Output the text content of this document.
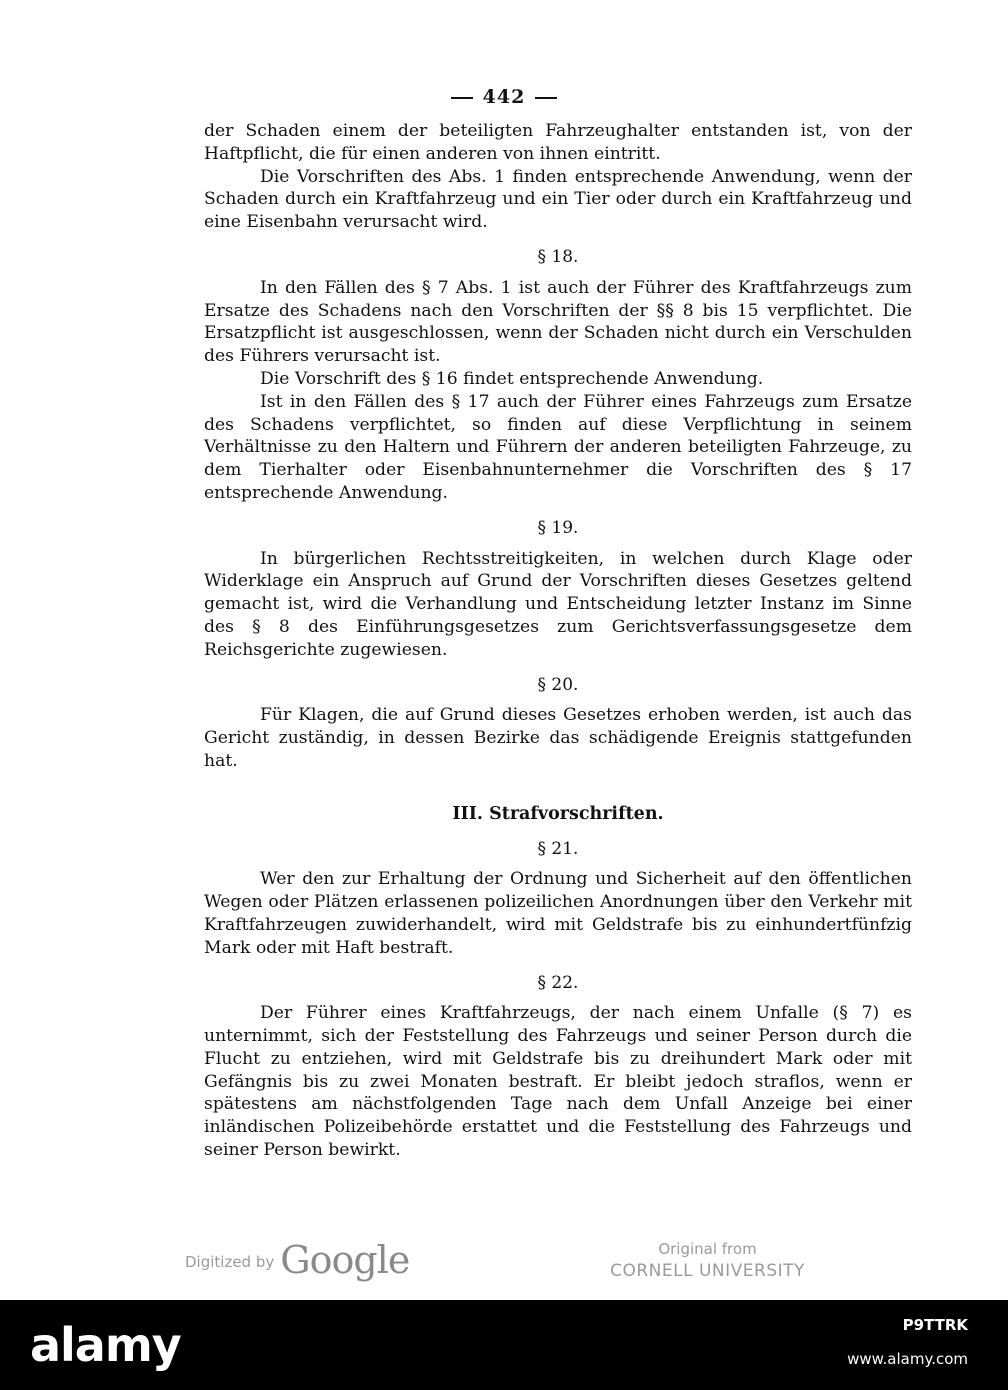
442

der Schaden einem der beteiligten Fahrzeughalter entstanden ist, von der Haftpflicht, die für einen anderen von ihnen eintritt.

Die Vorschriften des Abs. 1 finden entsprechende Anwendung, wenn der Schaden durch ein Kraftfahrzeug und ein Tier oder durch ein Kraftfahrzeug und eine Eisenbahn verursacht wird.

§ 18.

In den Fällen des § 7 Abs. 1 ist auch der Führer des Kraftfahrzeugs zum Ersatze des Schadens nach den Vorschriften der §§ 8 bis 15 verpflichtet. Die Ersatzpflicht ist ausgeschlossen, wenn der Schaden nicht durch ein Verschulden des Führers verursacht ist.

Die Vorschrift des § 16 findet entsprechende Anwendung.

Ist in den Fällen des § 17 auch der Führer eines Fahrzeugs zum Ersatze des Schadens verpflichtet, so finden auf diese Verpflichtung in seinem Verhältnisse zu den Haltern und Führern der anderen beteiligten Fahrzeuge, zu dem Tierhalter oder Eisenbahnunternehmer die Vorschriften des § 17 entsprechende Anwendung.

§ 19.

In bürgerlichen Rechtsstreitigkeiten, in welchen durch Klage oder Widerklage ein Anspruch auf Grund der Vorschriften dieses Gesetzes geltend gemacht ist, wird die Verhandlung und Entscheidung letzter Instanz im Sinne des § 8 des Einführungsgesetzes zum Gerichtsverfassungsgesetze dem Reichsgerichte zugewiesen.

§ 20.

Für Klagen, die auf Grund dieses Gesetzes erhoben werden, ist auch das Gericht zuständig, in dessen Bezirke das schädigende Ereignis stattgefunden hat.

III. Strafvorschriften.
§ 21.

Wer den zur Erhaltung der Ordnung und Sicherheit auf den öffentlichen Wegen oder Plätzen erlassenen polizeilichen Anordnungen über den Verkehr mit Kraftfahrzeugen zuwiderhandelt, wird mit Geldstrafe bis zu einhundertfünfzig Mark oder mit Haft bestraft.

§ 22.

Der Führer eines Kraftfahrzeugs, der nach einem Unfalle (§ 7) es unternimmt, sich der Feststellung des Fahrzeugs und seiner Person durch die Flucht zu entziehen, wird mit Geldstrafe bis zu dreihundert Mark oder mit Gefängnis bis zu zwei Monaten bestraft. Er bleibt jedoch straflos, wenn er spätestens am nächstfolgenden Tage nach dem Unfall Anzeige bei einer inländischen Polizeibehörde erstattet und die Feststellung des Fahrzeugs und seiner Person bewirkt.

Digitized by Google	Original from
CORNELL UNIVERSITY
alamy	P9TTRK
www.alamy.com
